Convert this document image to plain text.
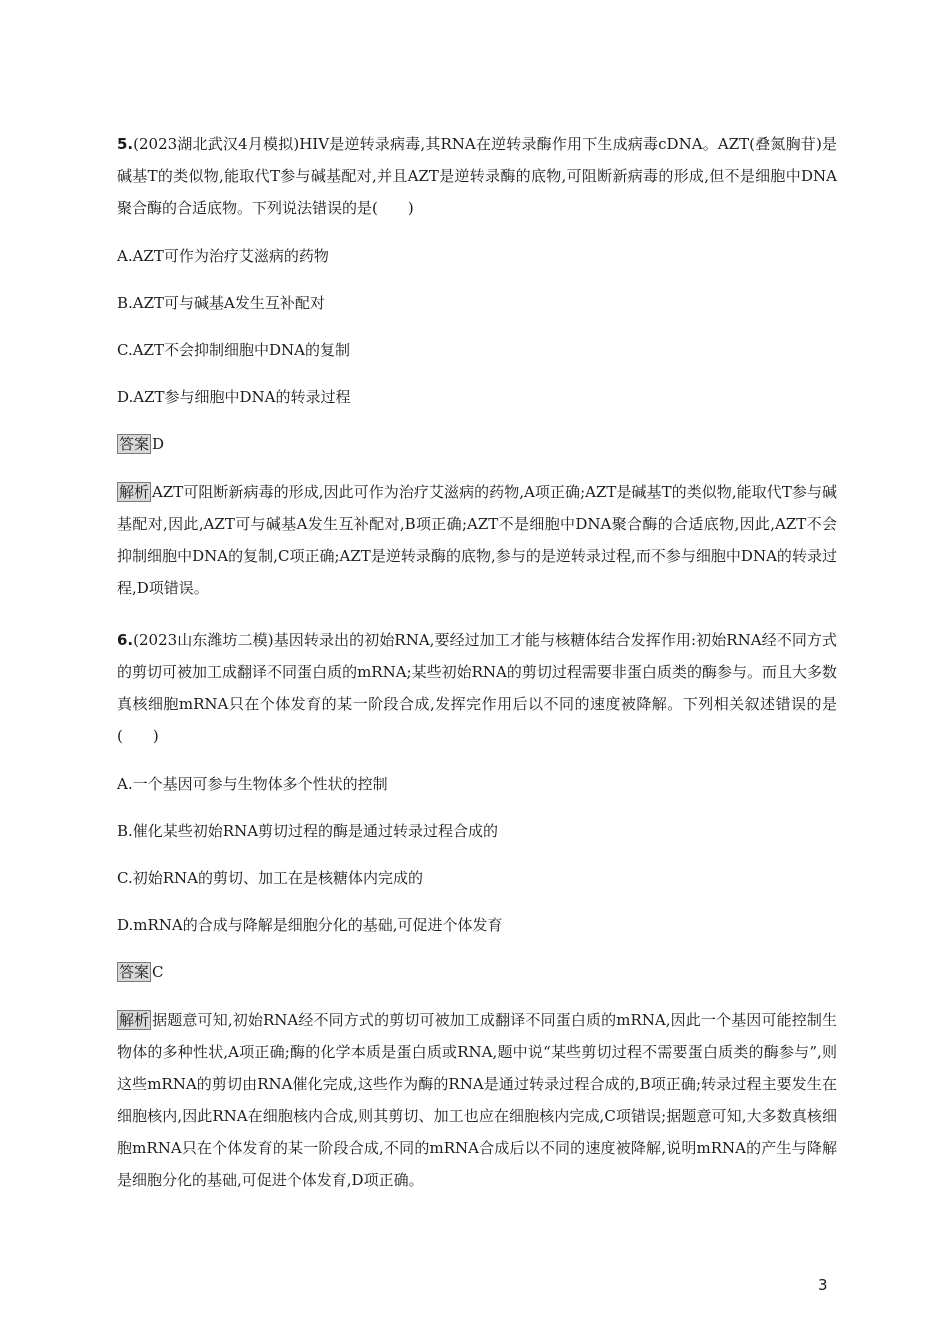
5.(2023湖北武汉4月模拟)HIV是逆转录病毒,其RNA在逆转录酶作用下生成病毒cDNA。AZT(叠氮胸苷)是碱基T的类似物,能取代T参与碱基配对,并且AZT是逆转录酶的底物,可阻断新病毒的形成,但不是细胞中DNA聚合酶的合适底物。下列说法错误的是(　　)

A.AZT可作为治疗艾滋病的药物

B.AZT可与碱基A发生互补配对

C.AZT不会抑制细胞中DNA的复制

D.AZT参与细胞中DNA的转录过程

答案 D

解析 AZT可阻断新病毒的形成,因此可作为治疗艾滋病的药物,A项正确;AZT是碱基T的类似物,能取代T参与碱基配对,因此,AZT可与碱基A发生互补配对,B项正确;AZT不是细胞中DNA聚合酶的合适底物,因此,AZT不会抑制细胞中DNA的复制,C项正确;AZT是逆转录酶的底物,参与的是逆转录过程,而不参与细胞中DNA的转录过程,D项错误。

6.(2023山东潍坊二模)基因转录出的初始RNA,要经过加工才能与核糖体结合发挥作用:初始RNA经不同方式的剪切可被加工成翻译不同蛋白质的mRNA;某些初始RNA的剪切过程需要非蛋白质类的酶参与。而且大多数真核细胞mRNA只在个体发育的某一阶段合成,发挥完作用后以不同的速度被降解。下列相关叙述错误的是　　　　　　(　　)

A.一个基因可参与生物体多个性状的控制

B.催化某些初始RNA剪切过程的酶是通过转录过程合成的

C.初始RNA的剪切、加工在是核糖体内完成的

D.mRNA的合成与降解是细胞分化的基础,可促进个体发育

答案 C

解析 据题意可知,初始RNA经不同方式的剪切可被加工成翻译不同蛋白质的mRNA,因此一个基因可能控制生物体的多种性状,A项正确;酶的化学本质是蛋白质或RNA,题中说“某些剪切过程不需要蛋白质类的酶参与”,则这些mRNA的剪切由RNA催化完成,这些作为酶的RNA是通过转录过程合成的,B项正确;转录过程主要发生在细胞核内,因此RNA在细胞核内合成,则其剪切、加工也应在细胞核内完成,C项错误;据题意可知,大多数真核细胞mRNA只在个体发育的某一阶段合成,不同的mRNA合成后以不同的速度被降解,说明mRNA的产生与降解是细胞分化的基础,可促进个体发育,D项正确。

3
